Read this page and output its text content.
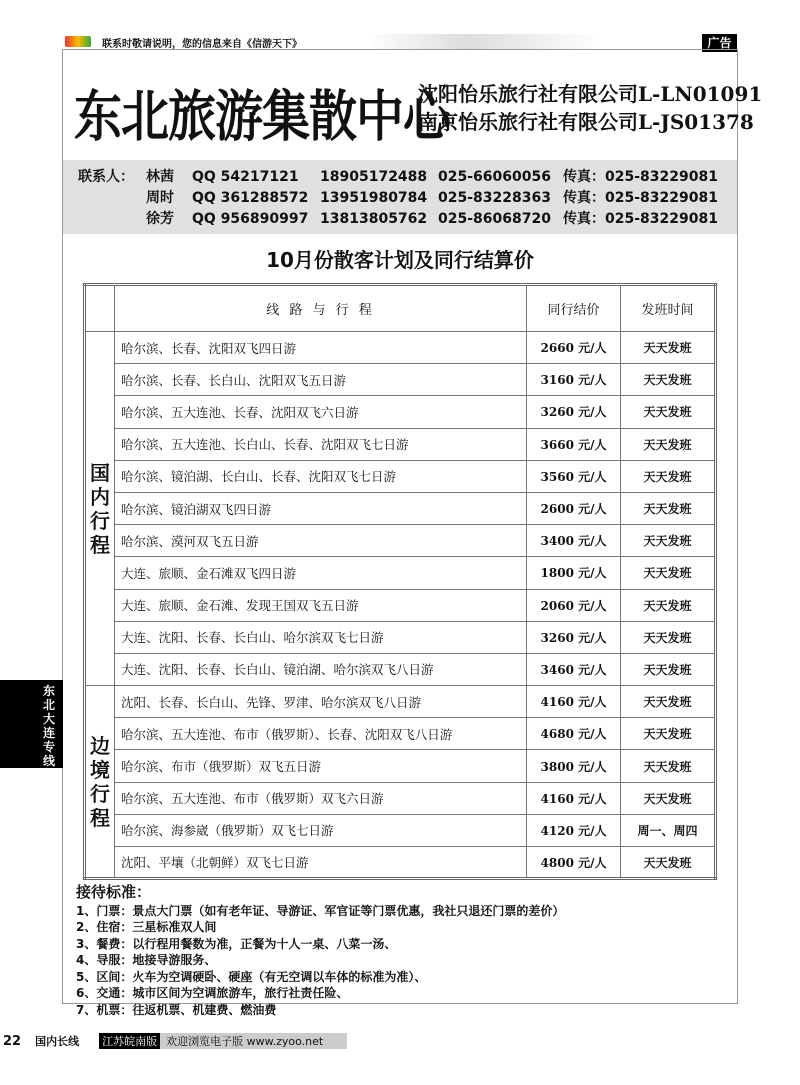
联系时敬请说明，您的信息来自《信游天下》	广告
东北旅游集散中心
沈阳怡乐旅行社有限公司L-LN01091
南京怡乐旅行社有限公司L-JS01378
联系人： 林茜	QQ 54217121	18905172488 025-66060056 传真：025-83229081
周时	QQ 361288572 13951980784 025-83228363 传真：025-83229081
徐芳	QQ 956890997 13813805762 025-86068720 传真：025-83229081
10月份散客计划及同行结算价
	线 路 与 行 程	同行结价	发班时间

国内行程	哈尔滨、长春、沈阳双飞四日游	2660 元/人	天天发班
	哈尔滨、长春、长白山、沈阳双飞五日游	3160 元/人	天天发班
	哈尔滨、五大连池、长春、沈阳双飞六日游	3260 元/人	天天发班
	哈尔滨、五大连池、长白山、长春、沈阳双飞七日游	3660 元/人	天天发班
	哈尔滨、镜泊湖、长白山、长春、沈阳双飞七日游	3560 元/人	天天发班
	哈尔滨、镜泊湖双飞四日游	2600 元/人	天天发班
	哈尔滨、漠河双飞五日游	3400 元/人	天天发班
	大连、旅顺、金石滩双飞四日游	1800 元/人	天天发班
	大连、旅顺、金石滩、发现王国双飞五日游	2060 元/人	天天发班
	大连、沈阳、长春、长白山、哈尔滨双飞七日游	3260 元/人	天天发班
	大连、沈阳、长春、长白山、镜泊湖、哈尔滨双飞八日游	3460 元/人	天天发班

边境行程	沈阳、长春、长白山、先锋、罗津、哈尔滨双飞八日游	4160 元/人	天天发班
	哈尔滨、五大连池、布市（俄罗斯）、长春、沈阳双飞八日游	4680 元/人	天天发班
	哈尔滨、布市（俄罗斯）双飞五日游	3800 元/人	天天发班
	哈尔滨、五大连池、布市（俄罗斯）双飞六日游	4160 元/人	天天发班
	哈尔滨、海参崴（俄罗斯）双飞七日游	4120 元/人	周一、周四
	沈阳、平壤（北朝鲜）双飞七日游	4800 元/人	天天发班
东
北
大
连
专
线
接待标准：
1、门票：景点大门票（如有老年证、导游证、军官证等门票优惠，我社只退还门票的差价）
2、住宿：三星标准双人间
3、餐费：以行程用餐数为准，正餐为十人一桌、八菜一汤、
4、导服：地接导游服务、
5、区间：火车为空调硬卧、硬座（有无空调以车体的标准为准）、
6、交通：城市区间为空调旅游车，旅行社责任险、
7、机票：往返机票、机建费、燃油费
22 国内长线 江苏皖南版 欢迎浏览电子版 www.zyoo.net
